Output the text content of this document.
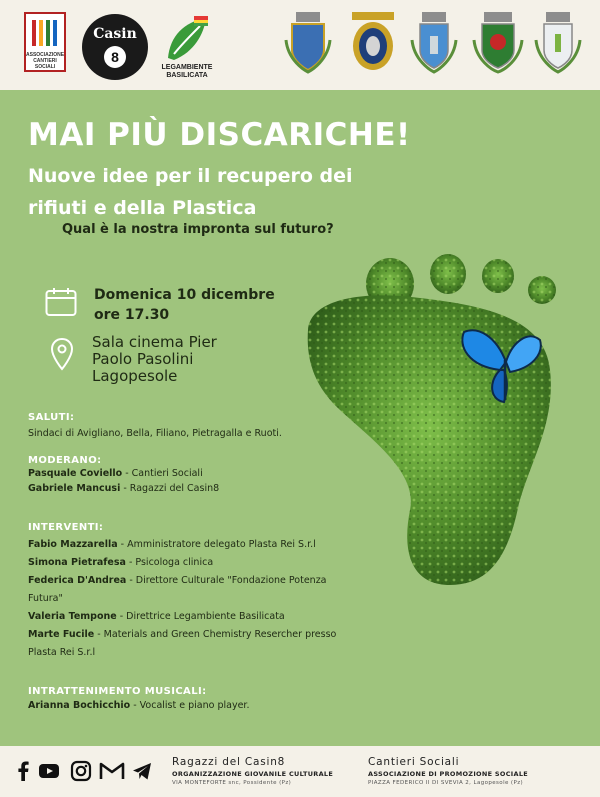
ASSOCIAZIONE CANTIERI SOCIALI
Casin
8
LEGAMBIENTE BASILICATA
MAI PIÙ DISCARICHE!
Nuove idee per il recupero dei
rifiuti e della Plastica
Qual è la nostra impronta sul futuro?
Domenica 10 dicembre
ore 17.30
Sala cinema Pier
Paolo Pasolini
Lagopesole
SALUTI:
Sindaci di Avigliano, Bella, Filiano, Pietragalla e Ruoti.
MODERANO:
Pasquale Coviello - Cantieri Sociali
Gabriele Mancusi - Ragazzi del Casin8
INTERVENTI:
Fabio Mazzarella - Amministratore delegato Plasta Rei S.r.l
Simona Pietrafesa - Psicologa clinica
Federica D'Andrea - Direttore Culturale "Fondazione Potenza
Futura"
Valeria Tempone - Direttrice Legambiente Basilicata
Marte Fucile - Materials and Green Chemistry Resercher presso
Plasta Rei S.r.l
INTRATTENIMENTO MUSICALI:
Arianna Bochicchio - Vocalist e piano player.
Ragazzi del Casin8
ORGANIZZAZIONE GIOVANILE CULTURALE
VIA MONTEFORTE snc, Possidente (Pz)
Cantieri Sociali
ASSOCIAZIONE DI PROMOZIONE SOCIALE
PIAZZA FEDERICO II DI SVEVIA 2, Lagopesole (Pz)
